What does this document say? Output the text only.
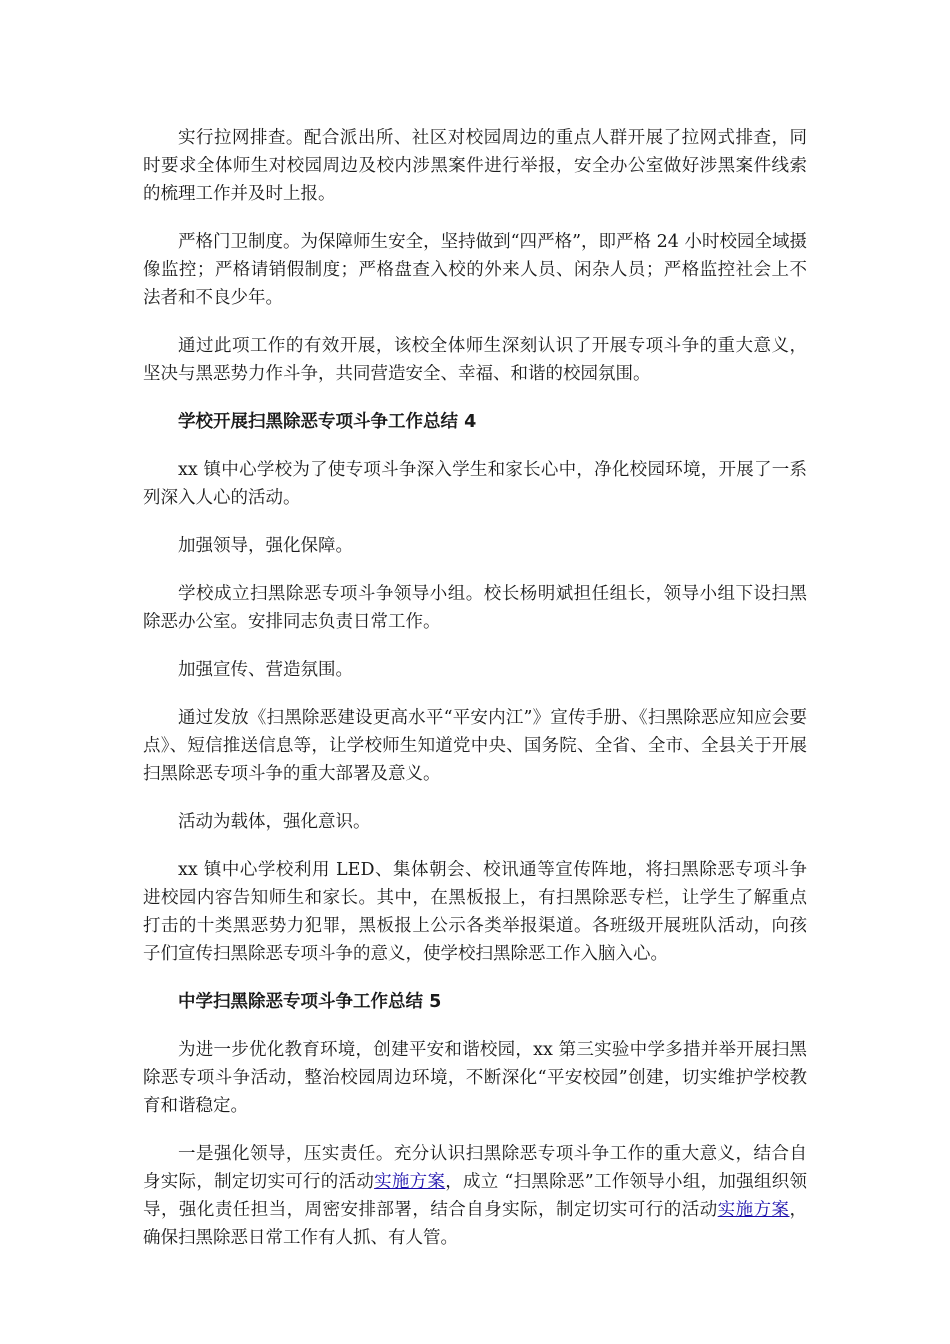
实行拉网排查。配合派出所、社区对校园周边的重点人群开展了拉网式排查，同时要求全体师生对校园周边及校内涉黑案件进行举报，安全办公室做好涉黑案件线索的梳理工作并及时上报。

严格门卫制度。为保障师生安全，坚持做到“四严格”，即严格 24 小时校园全域摄像监控；严格请销假制度；严格盘查入校的外来人员、闲杂人员；严格监控社会上不法者和不良少年。

通过此项工作的有效开展，该校全体师生深刻认识了开展专项斗争的重大意义，坚决与黑恶势力作斗争，共同营造安全、幸福、和谐的校园氛围。

学校开展扫黑除恶专项斗争工作总结 4

xx 镇中心学校为了使专项斗争深入学生和家长心中，净化校园环境，开展了一系列深入人心的活动。

加强领导，强化保障。

学校成立扫黑除恶专项斗争领导小组。校长杨明斌担任组长，领导小组下设扫黑除恶办公室。安排同志负责日常工作。

加强宣传、营造氛围。

通过发放《扫黑除恶建设更高水平“平安内江”》宣传手册、《扫黑除恶应知应会要点》、短信推送信息等，让学校师生知道党中央、国务院、全省、全市、全县关于开展扫黑除恶专项斗争的重大部署及意义。

活动为载体，强化意识。

xx 镇中心学校利用 LED、集体朝会、校讯通等宣传阵地，将扫黑除恶专项斗争进校园内容告知师生和家长。其中，在黑板报上，有扫黑除恶专栏，让学生了解重点打击的十类黑恶势力犯罪，黑板报上公示各类举报渠道。各班级开展班队活动，向孩子们宣传扫黑除恶专项斗争的意义，使学校扫黑除恶工作入脑入心。

中学扫黑除恶专项斗争工作总结 5

为进一步优化教育环境，创建平安和谐校园，xx 第三实验中学多措并举开展扫黑除恶专项斗争活动，整治校园周边环境，不断深化“平安校园”创建，切实维护学校教育和谐稳定。

一是强化领导，压实责任。充分认识扫黑除恶专项斗争工作的重大意义，结合自身实际，制定切实可行的活动实施方案，成立 “扫黑除恶”工作领导小组，加强组织领导，强化责任担当，周密安排部署，结合自身实际，制定切实可行的活动实施方案，确保扫黑除恶日常工作有人抓、有人管。
